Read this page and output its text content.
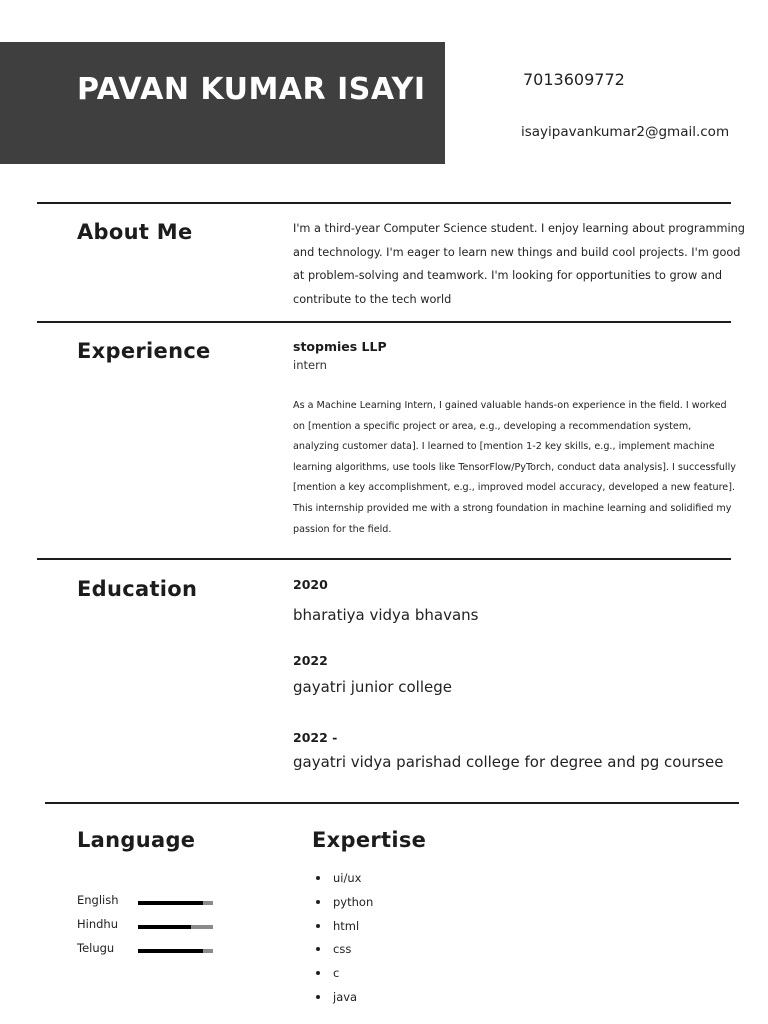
PAVAN KUMAR ISAYI	7013609772
isayipavankumar2@gmail.com
About Me	I'm a third-year Computer Science student. I enjoy learning about programming and technology. I'm eager to learn new things and build cool projects. I'm good at problem-solving and teamwork. I'm looking for opportunities to grow and contribute to the tech world

Experience	stopmies LLP
intern

As a Machine Learning Intern, I gained valuable hands-on experience in the field. I worked on [mention a specific project or area, e.g., developing a recommendation system, analyzing customer data]. I learned to [mention 1-2 key skills, e.g., implement machine learning algorithms, use tools like TensorFlow/PyTorch, conduct data analysis]. I successfully [mention a key accomplishment, e.g., improved model accuracy, developed a new feature]. This internship provided me with a strong foundation in machine learning and solidified my passion for the field.

Education	2020
bharatiya vidya bhavans
2022
gayatri junior college
2022 -
gayatri vidya parishad college for degree and pg coursee
Language
English
Hindhu
Telugu
Expertise
ui/ux
python
html
css
c
java
